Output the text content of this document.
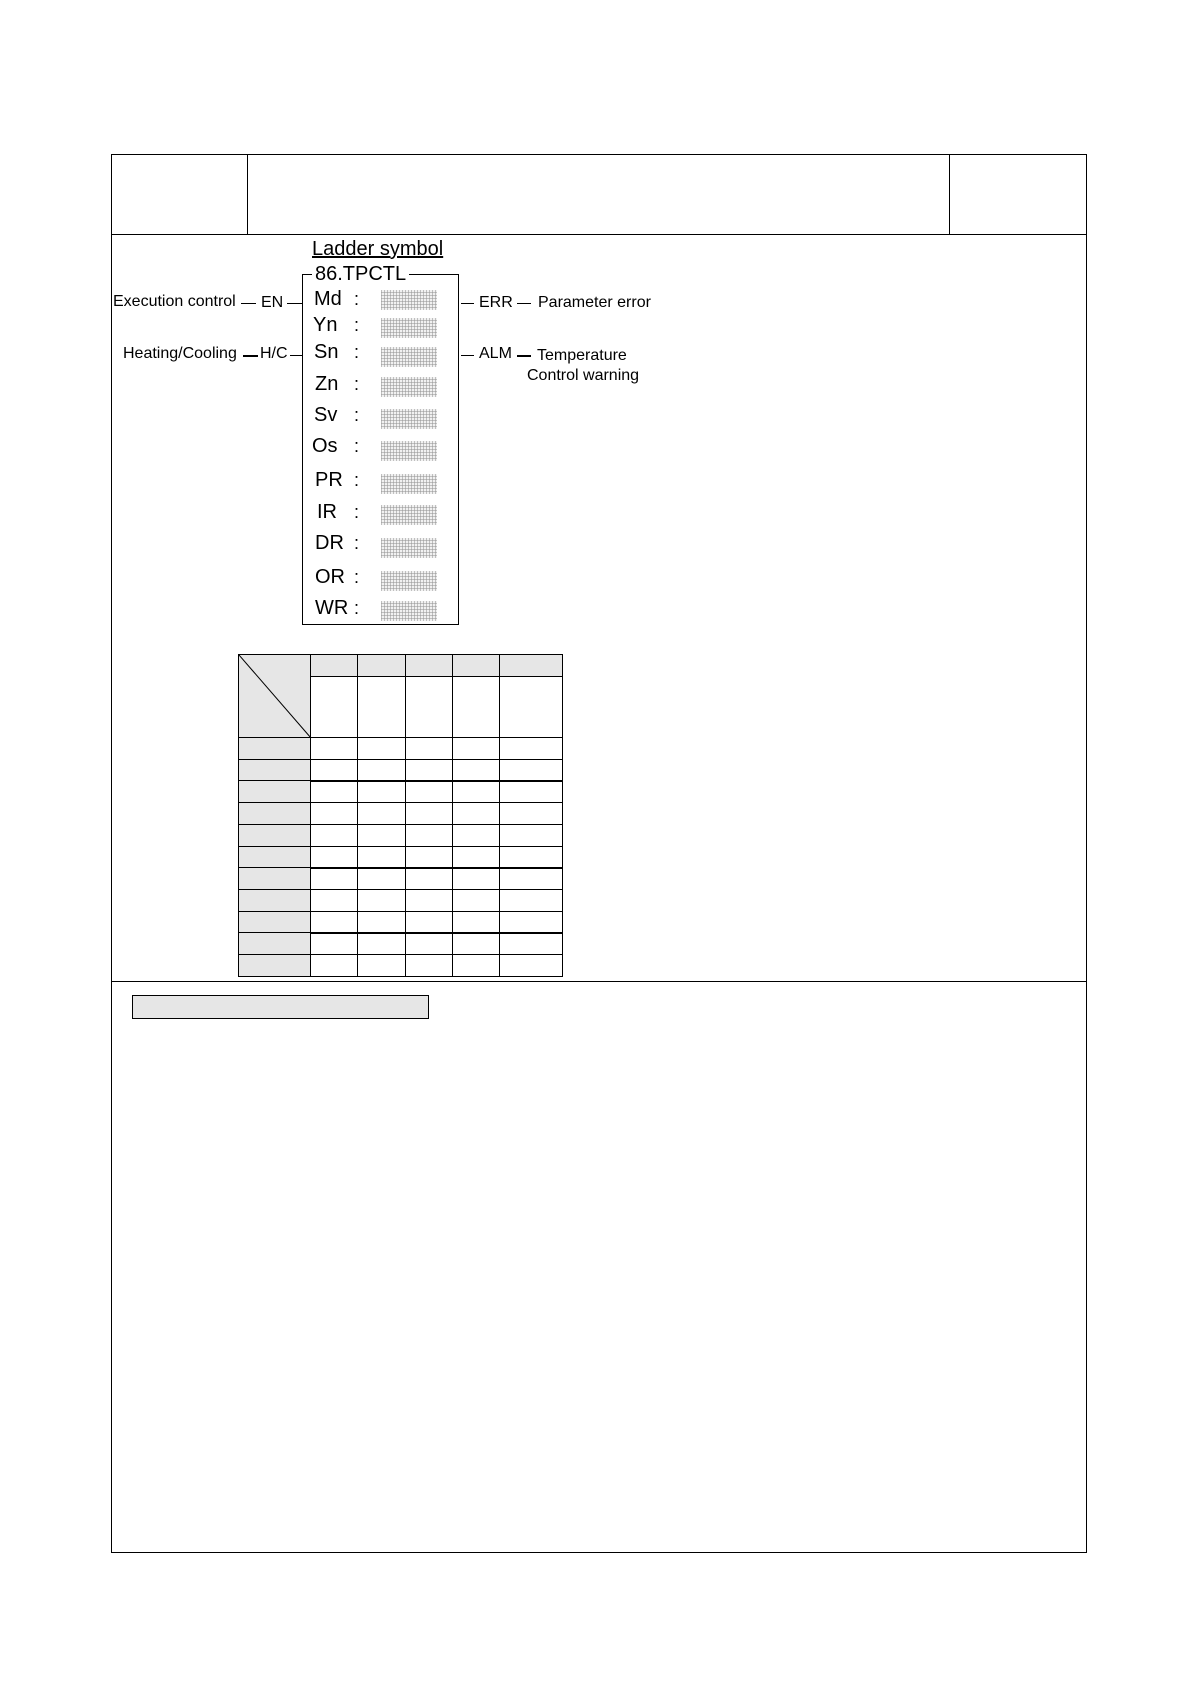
Ladder symbol
86.TPCTL
Execution control EN
Heating/Cooling H/C
ERR Parameter error
ALM Temperature
Control warning
Md :
Yn :
Sn :
Zn :
Sv :
Os :
PR :
IR :
DR :
OR :
WR :
